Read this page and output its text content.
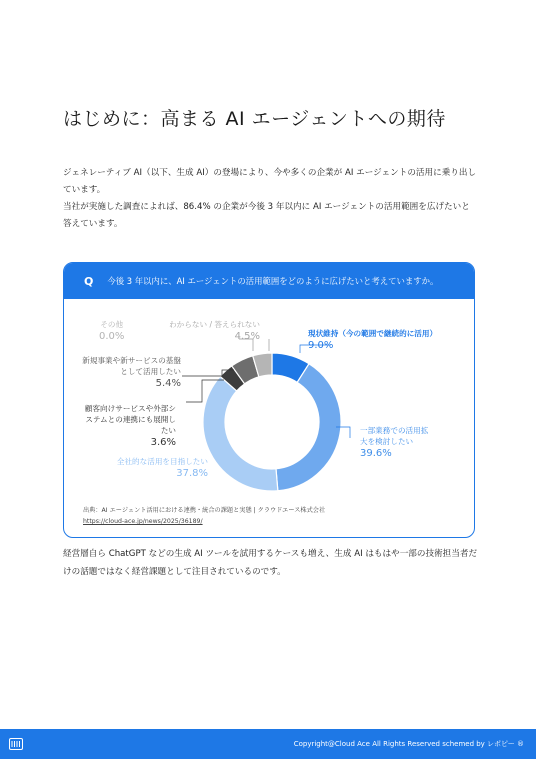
はじめに：高まる AI エージェントへの期待

ジェネレーティブ AI（以下、生成 AI）の登場により、今や多くの企業が AI エージェントの活用に乗り出しています。

当社が実施した調査によれば、86.4% の企業が今後 3 年以内に AI エージェントの活用範囲を広げたいと答えています。

Q 今後 3 年以内に、AI エージェントの活用範囲をどのように広げたいと考えていますか。
その他
0.0%
わからない / 答えられない
4.5%
新規事業や新サービスの基盤として活用したい
5.4%
顧客向けサービスや外部システムとの連携にも展開したい
3.6%
全社的な活用を目指したい
37.8%
現状維持（今の範囲で継続的に活用）
9.0%
一部業務での活用拡大を検討したい
39.6%
出典：AI エージェント活用における連携・統合の課題と実態 | クラウドエース株式会社
https://cloud-ace.jp/news/2025/36189/
経営層自ら ChatGPT などの生成 AI ツールを試用するケースも増え、生成 AI はもはや一部の技術担当者だけの話題ではなく経営課題として注目されているのです。
Copyright@Cloud Ace All Rights Reserved schemed by レポピー ®
